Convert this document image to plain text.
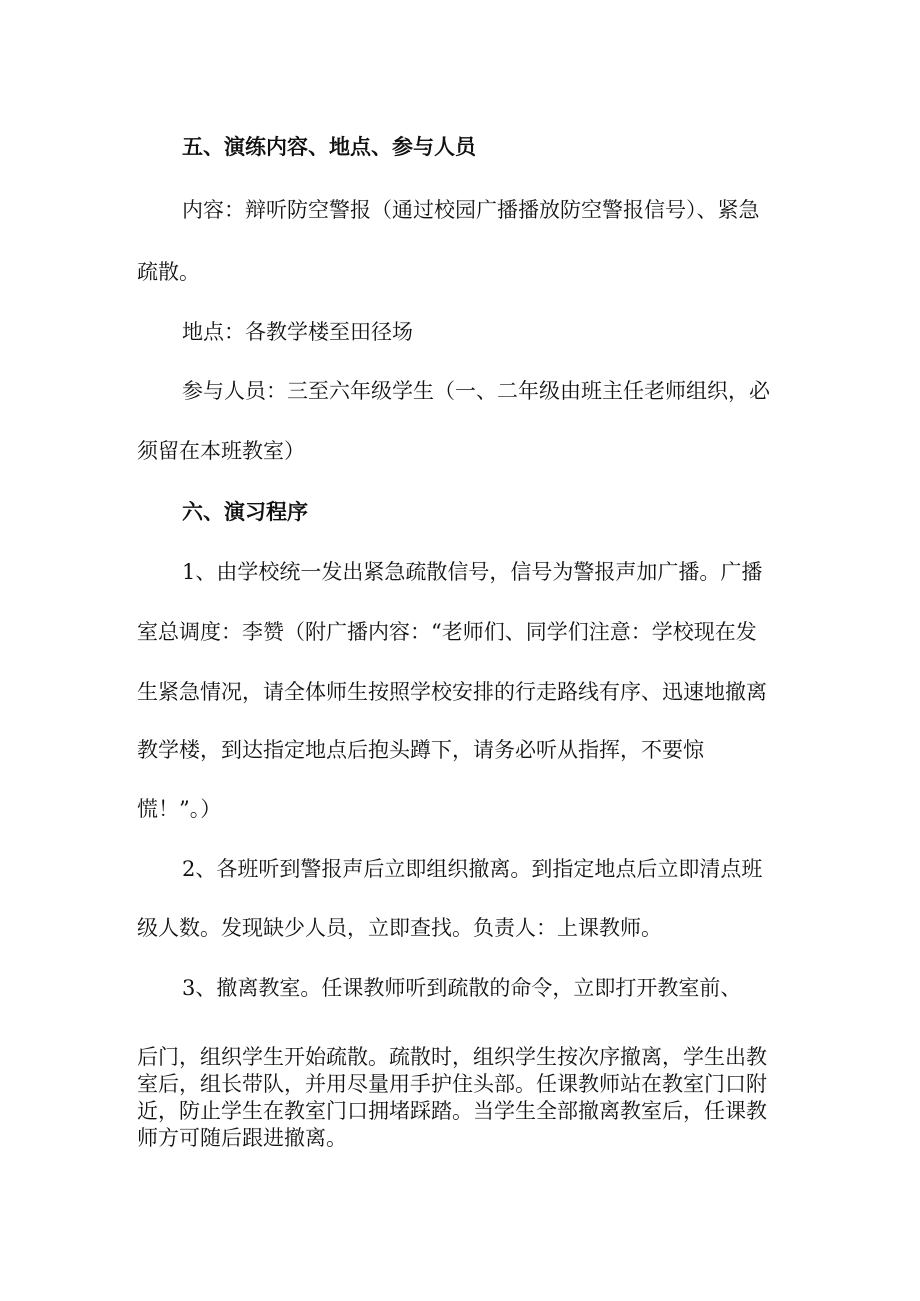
五、演练内容、地点、参与人员

内容：辩听防空警报（通过校园广播播放防空警报信号）、紧急

疏散。

地点：各教学楼至田径场

参与人员：三至六年级学生（一、二年级由班主任老师组织，必

须留在本班教室）

六、演习程序

1、由学校统一发出紧急疏散信号，信号为警报声加广播。广播

室总调度：李赞（附广播内容：“老师们、同学们注意：学校现在发

生紧急情况，请全体师生按照学校安排的行走路线有序、迅速地撤离

教学楼，到达指定地点后抱头蹲下，请务必听从指挥，不要惊

慌！”。）

2、各班听到警报声后立即组织撤离。到指定地点后立即清点班

级人数。发现缺少人员，立即查找。负责人：上课教师。

3、撤离教室。任课教师听到疏散的命令，立即打开教室前、

后门，组织学生开始疏散。疏散时，组织学生按次序撤离，学生出教

室后，组长带队，并用尽量用手护住头部。任课教师站在教室门口附

近，防止学生在教室门口拥堵踩踏。当学生全部撤离教室后，任课教

师方可随后跟进撤离。
